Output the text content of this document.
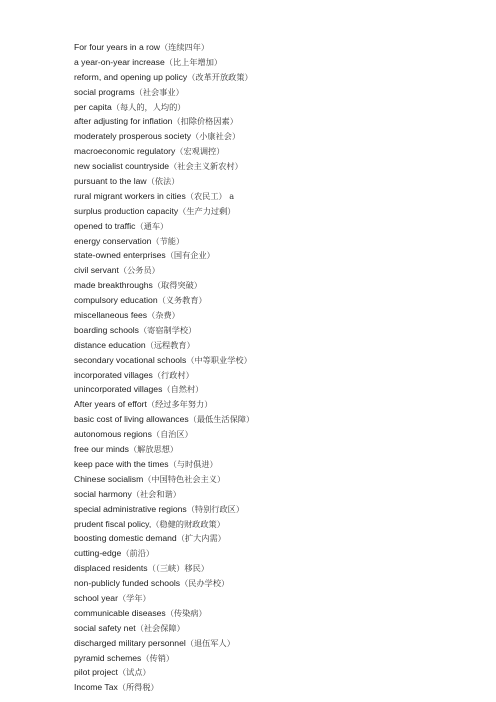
For four years in a row（连续四年）
a year-on-year increase（比上年增加）
reform, and opening up policy（改革开放政策）
social programs（社会事业）
per capita（每人的，人均的）
after adjusting for inflation（扣除价格因素）
moderately prosperous society（小康社会）
macroeconomic regulatory（宏观调控）
new socialist countryside（社会主义新农村）
pursuant to the law（依法）
rural migrant workers in cities（农民工） a
surplus production capacity（生产力过剩）
opened to traffic（通车）
energy conservation（节能）
state-owned enterprises（国有企业）
civil servant（公务员）
made breakthroughs（取得突破）
compulsory education（义务教育）
miscellaneous fees（杂费）
boarding schools（寄宿制学校）
distance education（远程教育）
secondary vocational schools（中等职业学校）
incorporated villages（行政村）
unincorporated villages（自然村）
After years of effort（经过多年努力）
basic cost of living allowances（最低生活保障）
autonomous regions（自治区）
free our minds（解放思想）
keep pace with the times（与时俱进）
Chinese socialism（中国特色社会主义）
social harmony（社会和谐）
special administrative regions（特别行政区）
prudent fiscal policy,（稳健的财政政策）
boosting domestic demand（扩大内需）
cutting-edge（前沿）
displaced residents（（三峡）移民）
non-publicly funded schools（民办学校）
school year（学年）
communicable diseases（传染病）
social safety net（社会保障）
discharged military personnel（退伍军人）
pyramid schemes（传销）
pilot project（试点）
Income Tax（所得税）
